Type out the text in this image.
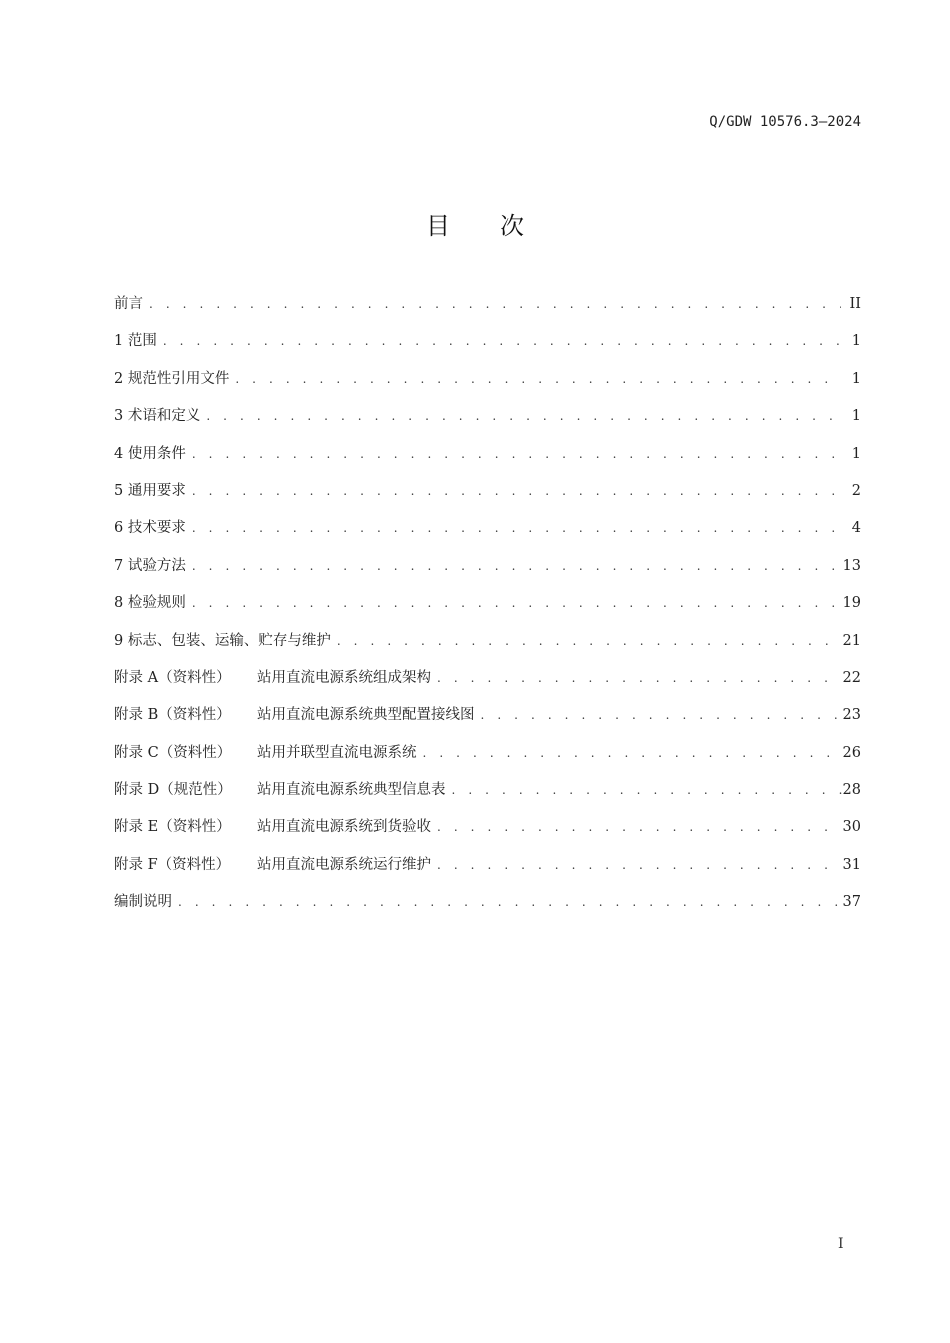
Q/GDW 10576.3—2024
目 次
前言 . . .	II
1 范围 . . .	1
2 规范性引用文件 . . .	1
3 术语和定义 . . .	1
4 使用条件 . . .	1
5 通用要求 . . .	2
6 技术要求 . . .	4
7 试验方法 . . .	13
8 检验规则 . . .	19
9 标志、包装、运输、贮存与维护 . . .	21
附录 A（资料性） 站用直流电源系统组成架构 . . .	22
附录 B（资料性） 站用直流电源系统典型配置接线图 . . .	23
附录 C（资料性） 站用并联型直流电源系统 . . .	26
附录 D（规范性） 站用直流电源系统典型信息表 . . .	28
附录 E（资料性） 站用直流电源系统到货验收 . . .	30
附录 F（资料性） 站用直流电源系统运行维护 . . .	31
编制说明 . . .	37
I
